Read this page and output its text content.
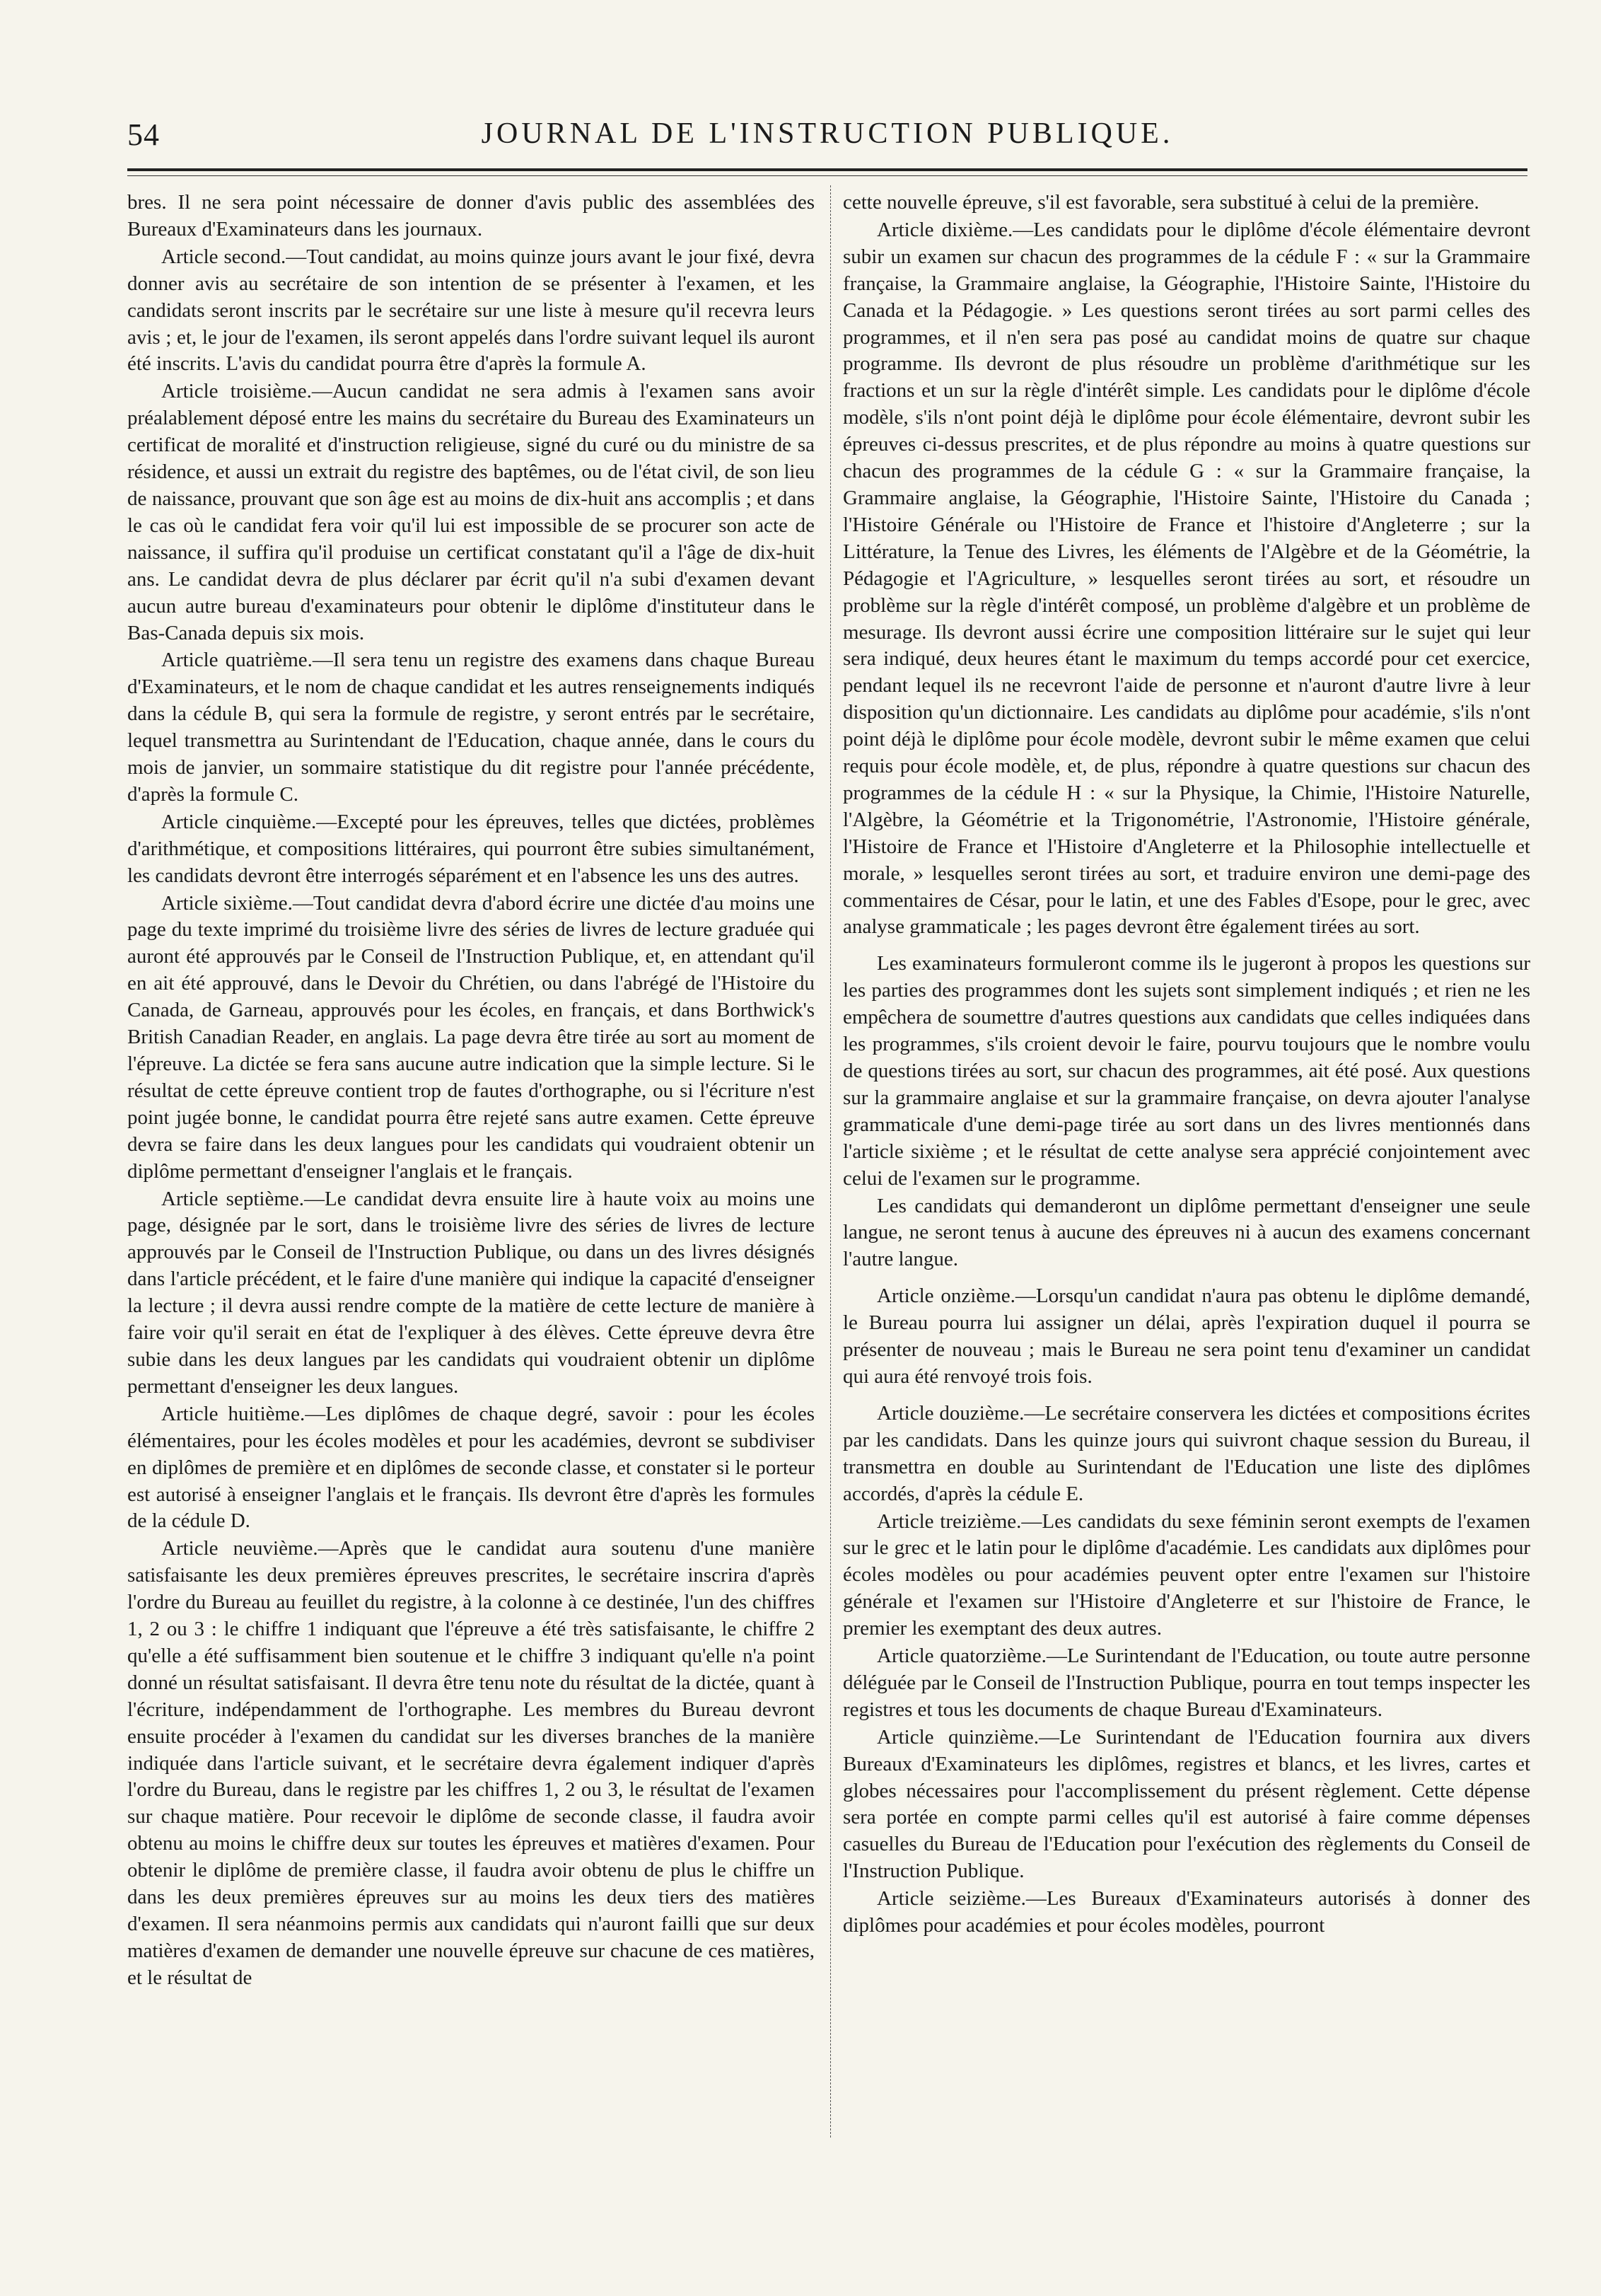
54	JOURNAL DE L'INSTRUCTION PUBLIQUE.

bres. Il ne sera point nécessaire de donner d'avis public des assemblées des Bureaux d'Examinateurs dans les journaux.

Article second.—Tout candidat, au moins quinze jours avant le jour fixé, devra donner avis au secrétaire de son intention de se présenter à l'examen, et les candidats seront inscrits par le secrétaire sur une liste à mesure qu'il recevra leurs avis ; et, le jour de l'examen, ils seront appelés dans l'ordre suivant lequel ils auront été inscrits. L'avis du candidat pourra être d'après la formule A.

Article troisième.—Aucun candidat ne sera admis à l'examen sans avoir préalablement déposé entre les mains du secrétaire du Bureau des Examinateurs un certificat de moralité et d'instruction religieuse, signé du curé ou du ministre de sa résidence, et aussi un extrait du registre des baptêmes, ou de l'état civil, de son lieu de naissance, prouvant que son âge est au moins de dix-huit ans accomplis ; et dans le cas où le candidat fera voir qu'il lui est impossible de se procurer son acte de naissance, il suffira qu'il produise un certificat constatant qu'il a l'âge de dix-huit ans. Le candidat devra de plus déclarer par écrit qu'il n'a subi d'examen devant aucun autre bureau d'examinateurs pour obtenir le diplôme d'instituteur dans le Bas-Canada depuis six mois.

Article quatrième.—Il sera tenu un registre des examens dans chaque Bureau d'Examinateurs, et le nom de chaque candidat et les autres renseignements indiqués dans la cédule B, qui sera la formule de registre, y seront entrés par le secrétaire, lequel transmettra au Surintendant de l'Education, chaque année, dans le cours du mois de janvier, un sommaire statistique du dit registre pour l'année précédente, d'après la formule C.

Article cinquième.—Excepté pour les épreuves, telles que dictées, problèmes d'arithmétique, et compositions littéraires, qui pourront être subies simultanément, les candidats devront être interrogés séparément et en l'absence les uns des autres.

Article sixième.—Tout candidat devra d'abord écrire une dictée d'au moins une page du texte imprimé du troisième livre des séries de livres de lecture graduée qui auront été approuvés par le Conseil de l'Instruction Publique, et, en attendant qu'il en ait été approuvé, dans le Devoir du Chrétien, ou dans l'abrégé de l'Histoire du Canada, de Garneau, approuvés pour les écoles, en français, et dans Borthwick's British Canadian Reader, en anglais. La page devra être tirée au sort au moment de l'épreuve. La dictée se fera sans aucune autre indication que la simple lecture. Si le résultat de cette épreuve contient trop de fautes d'orthographe, ou si l'écriture n'est point jugée bonne, le candidat pourra être rejeté sans autre examen. Cette épreuve devra se faire dans les deux langues pour les candidats qui voudraient obtenir un diplôme permettant d'enseigner l'anglais et le français.

Article septième.—Le candidat devra ensuite lire à haute voix au moins une page, désignée par le sort, dans le troisième livre des séries de livres de lecture approuvés par le Conseil de l'Instruction Publique, ou dans un des livres désignés dans l'article précédent, et le faire d'une manière qui indique la capacité d'enseigner la lecture ; il devra aussi rendre compte de la matière de cette lecture de manière à faire voir qu'il serait en état de l'expliquer à des élèves. Cette épreuve devra être subie dans les deux langues par les candidats qui voudraient obtenir un diplôme permettant d'enseigner les deux langues.

Article huitième.—Les diplômes de chaque degré, savoir : pour les écoles élémentaires, pour les écoles modèles et pour les académies, devront se subdiviser en diplômes de première et en diplômes de seconde classe, et constater si le porteur est autorisé à enseigner l'anglais et le français. Ils devront être d'après les formules de la cédule D.

Article neuvième.—Après que le candidat aura soutenu d'une manière satisfaisante les deux premières épreuves prescrites, le secrétaire inscrira d'après l'ordre du Bureau au feuillet du registre, à la colonne à ce destinée, l'un des chiffres 1, 2 ou 3 : le chiffre 1 indiquant que l'épreuve a été très satisfaisante, le chiffre 2 qu'elle a été suffisamment bien soutenue et le chiffre 3 indiquant qu'elle n'a point donné un résultat satisfaisant. Il devra être tenu note du résultat de la dictée, quant à l'écriture, indépendamment de l'orthographe. Les membres du Bureau devront ensuite procéder à l'examen du candidat sur les diverses branches de la manière indiquée dans l'article suivant, et le secrétaire devra également indiquer d'après l'ordre du Bureau, dans le registre par les chiffres 1, 2 ou 3, le résultat de l'examen sur chaque matière. Pour recevoir le diplôme de seconde classe, il faudra avoir obtenu au moins le chiffre deux sur toutes les épreuves et matières d'examen. Pour obtenir le diplôme de première classe, il faudra avoir obtenu de plus le chiffre un dans les deux premières épreuves sur au moins les deux tiers des matières d'examen. Il sera néanmoins permis aux candidats qui n'auront failli que sur deux matières d'examen de demander une nouvelle épreuve sur chacune de ces matières, et le résultat de

cette nouvelle épreuve, s'il est favorable, sera substitué à celui de la première.

Article dixième.—Les candidats pour le diplôme d'école élémentaire devront subir un examen sur chacun des programmes de la cédule F : « sur la Grammaire française, la Grammaire anglaise, la Géographie, l'Histoire Sainte, l'Histoire du Canada et la Pédagogie. » Les questions seront tirées au sort parmi celles des programmes, et il n'en sera pas posé au candidat moins de quatre sur chaque programme. Ils devront de plus résoudre un problème d'arithmétique sur les fractions et un sur la règle d'intérêt simple. Les candidats pour le diplôme d'école modèle, s'ils n'ont point déjà le diplôme pour école élémentaire, devront subir les épreuves ci-dessus prescrites, et de plus répondre au moins à quatre questions sur chacun des programmes de la cédule G : « sur la Grammaire française, la Grammaire anglaise, la Géographie, l'Histoire Sainte, l'Histoire du Canada ; l'Histoire Générale ou l'Histoire de France et l'histoire d'Angleterre ; sur la Littérature, la Tenue des Livres, les éléments de l'Algèbre et de la Géométrie, la Pédagogie et l'Agriculture, » lesquelles seront tirées au sort, et résoudre un problème sur la règle d'intérêt composé, un problème d'algèbre et un problème de mesurage. Ils devront aussi écrire une composition littéraire sur le sujet qui leur sera indiqué, deux heures étant le maximum du temps accordé pour cet exercice, pendant lequel ils ne recevront l'aide de personne et n'auront d'autre livre à leur disposition qu'un dictionnaire. Les candidats au diplôme pour académie, s'ils n'ont point déjà le diplôme pour école modèle, devront subir le même examen que celui requis pour école modèle, et, de plus, répondre à quatre questions sur chacun des programmes de la cédule H : « sur la Physique, la Chimie, l'Histoire Naturelle, l'Algèbre, la Géométrie et la Trigonométrie, l'Astronomie, l'Histoire générale, l'Histoire de France et l'Histoire d'Angleterre et la Philosophie intellectuelle et morale, » lesquelles seront tirées au sort, et traduire environ une demi-page des commentaires de César, pour le latin, et une des Fables d'Esope, pour le grec, avec analyse grammaticale ; les pages devront être également tirées au sort.

Les examinateurs formuleront comme ils le jugeront à propos les questions sur les parties des programmes dont les sujets sont simplement indiqués ; et rien ne les empêchera de soumettre d'autres questions aux candidats que celles indiquées dans les programmes, s'ils croient devoir le faire, pourvu toujours que le nombre voulu de questions tirées au sort, sur chacun des programmes, ait été posé. Aux questions sur la grammaire anglaise et sur la grammaire française, on devra ajouter l'analyse grammaticale d'une demi-page tirée au sort dans un des livres mentionnés dans l'article sixième ; et le résultat de cette analyse sera apprécié conjointement avec celui de l'examen sur le programme.

Les candidats qui demanderont un diplôme permettant d'enseigner une seule langue, ne seront tenus à aucune des épreuves ni à aucun des examens concernant l'autre langue.

Article onzième.—Lorsqu'un candidat n'aura pas obtenu le diplôme demandé, le Bureau pourra lui assigner un délai, après l'expiration duquel il pourra se présenter de nouveau ; mais le Bureau ne sera point tenu d'examiner un candidat qui aura été renvoyé trois fois.

Article douzième.—Le secrétaire conservera les dictées et compositions écrites par les candidats. Dans les quinze jours qui suivront chaque session du Bureau, il transmettra en double au Surintendant de l'Education une liste des diplômes accordés, d'après la cédule E.

Article treizième.—Les candidats du sexe féminin seront exempts de l'examen sur le grec et le latin pour le diplôme d'académie. Les candidats aux diplômes pour écoles modèles ou pour académies peuvent opter entre l'examen sur l'histoire générale et l'examen sur l'Histoire d'Angleterre et sur l'histoire de France, le premier les exemptant des deux autres.

Article quatorzième.—Le Surintendant de l'Education, ou toute autre personne déléguée par le Conseil de l'Instruction Publique, pourra en tout temps inspecter les registres et tous les documents de chaque Bureau d'Examinateurs.

Article quinzième.—Le Surintendant de l'Education fournira aux divers Bureaux d'Examinateurs les diplômes, registres et blancs, et les livres, cartes et globes nécessaires pour l'accomplissement du présent règlement. Cette dépense sera portée en compte parmi celles qu'il est autorisé à faire comme dépenses casuelles du Bureau de l'Education pour l'exécution des règlements du Conseil de l'Instruction Publique.

Article seizième.—Les Bureaux d'Examinateurs autorisés à donner des diplômes pour académies et pour écoles modèles, pourront
